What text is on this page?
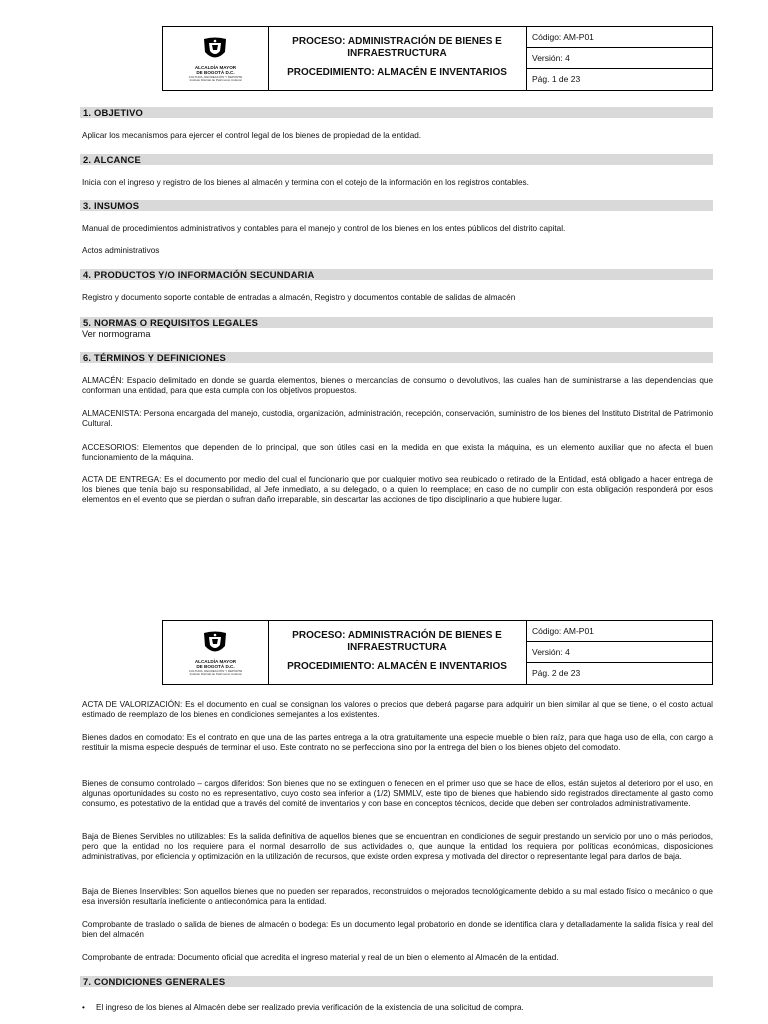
ALCALDÍA MAYOR
DE BOGOTÁ D.C.
CULTURA, RECREACIÓN Y DEPORTE
Instituto Distrital de Patrimonio Cultural
PROCESO: ADMINISTRACIÓN DE BIENES E INFRAESTRUCTURA
PROCEDIMIENTO: ALMACÉN E INVENTARIOS
Código: AM-P01
Versión: 4
Pág. 1 de 23
1. OBJETIVO
Aplicar los mecanismos para ejercer el control legal de los bienes de propiedad de la entidad.
2. ALCANCE
Inicia con el ingreso y registro de los bienes al almacén y termina con el cotejo de la información en los registros contables.
3. INSUMOS
Manual de procedimientos administrativos y contables para el manejo y control de los bienes en los entes públicos del distrito capital.
Actos administrativos
4. PRODUCTOS Y/O INFORMACIÓN SECUNDARIA
Registro y documento soporte contable de entradas a almacén, Registro y documentos contable de salidas de almacén
5. NORMAS O REQUISITOS LEGALES
Ver normograma
6. TÉRMINOS Y DEFINICIONES
ALMACÉN: Espacio delimitado en donde se guarda elementos, bienes o mercancías de consumo o devolutivos, las cuales han de suministrarse a las dependencias que conforman una entidad, para que esta cumpla con los objetivos propuestos.
ALMACENISTA: Persona encargada del manejo, custodia, organización, administración, recepción, conservación, suministro de los bienes del Instituto Distrital de Patrimonio Cultural.
ACCESORIOS: Elementos que dependen de lo principal, que son útiles casi en la medida en que exista la máquina, es un elemento auxiliar que no afecta el buen funcionamiento de la máquina.
ACTA DE ENTREGA: Es el documento por medio del cual el funcionario que por cualquier motivo sea reubicado o retirado de la Entidad, está obligado a hacer entrega de los bienes que tenía bajo su responsabilidad, al Jefe inmediato, a su delegado, o a quien lo reemplace; en caso de no cumplir con esta obligación responderá por esos elementos en el evento que se pierdan o sufran daño irreparable, sin descartar las acciones de tipo disciplinario a que hubiere lugar.
ALCALDÍA MAYOR
DE BOGOTÁ D.C.
CULTURA, RECREACIÓN Y DEPORTE
Instituto Distrital de Patrimonio Cultural
PROCESO: ADMINISTRACIÓN DE BIENES E INFRAESTRUCTURA
PROCEDIMIENTO: ALMACÉN E INVENTARIOS
Código: AM-P01
Versión: 4
Pág. 2 de 23
ACTA DE VALORIZACIÓN: Es el documento en cual se consignan los valores o precios que deberá pagarse para adquirir un bien similar al que se tiene, o el costo actual estimado de reemplazo de los bienes en condiciones semejantes a los existentes.
Bienes dados en comodato: Es el contrato en que una de las partes entrega a la otra gratuitamente una especie mueble o bien raíz, para que haga uso de ella, con cargo a restituir la misma especie después de terminar el uso. Este contrato no se perfecciona sino por la entrega del bien o los bienes objeto del comodato.
Bienes de consumo controlado – cargos diferidos: Son bienes que no se extinguen o fenecen en el primer uso que se hace de ellos, están sujetos al deterioro por el uso, en algunas oportunidades su costo no es representativo, cuyo costo sea inferior a (1/2) SMMLV, este tipo de bienes que habiendo sido registrados directamente al gasto como consumo, es potestativo de la entidad que a través del comité de inventarios y con base en conceptos técnicos, decide que deben ser controlados administrativamente.
Baja de Bienes Servibles no utilizables: Es la salida definitiva de aquellos bienes que se encuentran en condiciones de seguir prestando un servicio por uno o más periodos, pero que la entidad no los requiere para el normal desarrollo de sus actividades o, que aunque la entidad los requiera por políticas económicas, disposiciones administrativas, por eficiencia y optimización en la utilización de recursos, que existe orden expresa y motivada del director o representante legal para darlos de baja.
Baja de Bienes Inservibles: Son aquellos bienes que no pueden ser reparados, reconstruidos o mejorados tecnológicamente debido a su mal estado físico o mecánico o que esa inversión resultaría ineficiente o antieconómica para la entidad.
Comprobante de traslado o salida de bienes de almacén o bodega: Es un documento legal probatorio en donde se identifica clara y detalladamente la salida física y real del bien del almacén
Comprobante de entrada: Documento oficial que acredita el ingreso material y real de un bien o elemento al Almacén de la entidad.
7. CONDICIONES GENERALES
• El ingreso de los bienes al Almacén debe ser realizado previa verificación de la existencia de una solicitud de compra.
